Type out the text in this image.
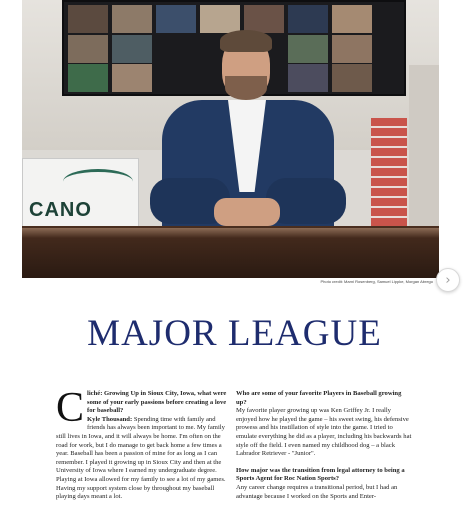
CANO
Photo credit: Marni Rosenberg, Samuel Lippke, Morgan Abrego ›
MAJOR LEAGUE
C liché: Growing Up in Sioux City, Iowa, what were some of your early passions before creating a love for baseball?
Kyle Thousand: Spending time with family and friends has always been important to me. My family still lives in Iowa, and it will always be home. I'm often on the road for work, but I do manage to get back home a few times a year. Baseball has been a passion of mine for as long as I can remember. I played it growing up in Sioux City and then at the University of Iowa where I earned my undergraduate degree. Playing at Iowa allowed for my family to see a lot of my games. Having my support system close by throughout my baseball playing days meant a lot.

Who are some of your favorite Players in Baseball growing up?
My favorite player growing up was Ken Griffey Jr. I really enjoyed how he played the game – his sweet swing, his defensive prowess and his instillation of style into the game. I tried to emulate everything he did as a player, including his backwards hat style off the field. I even named my childhood dog – a black Labrador Retriever - "Junior".

How major was the transition from legal attorney to being a Sports Agent for Roc Nation Sports?
Any career change requires a transitional period, but I had an advantage because I worked on the Sports and Enter-
